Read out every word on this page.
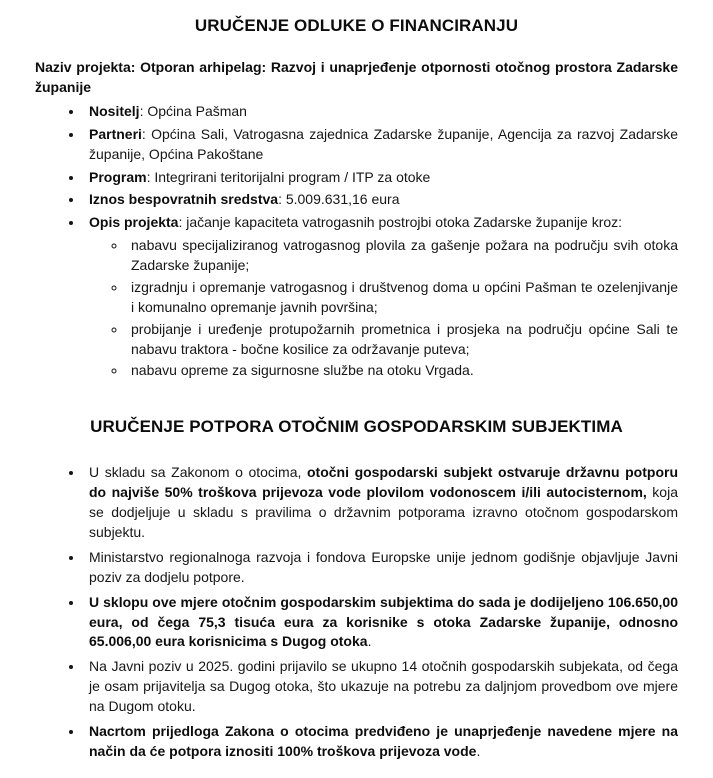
URUČENJE ODLUKE O FINANCIRANJU

Naziv projekta: Otporan arhipelag: Razvoj i unaprjeđenje otpornosti otočnog prostora Zadarske županije

• Nositelj: Općina Pašman
• Partneri: Općina Sali, Vatrogasna zajednica Zadarske županije, Agencija za razvoj Zadarske županije, Općina Pakoštane
• Program: Integrirani teritorijalni program / ITP za otoke
• Iznos bespovratnih sredstva: 5.009.631,16 eura
• Opis projekta: jačanje kapaciteta vatrogasnih postrojbi otoka Zadarske županije kroz:
◦ nabavu specijaliziranog vatrogasnog plovila za gašenje požara na području svih otoka Zadarske županije;
◦ izgradnju i opremanje vatrogasnog i društvenog doma u općini Pašman te ozelenjivanje i komunalno opremanje javnih površina;
◦ probijanje i uređenje protupožarnih prometnica i prosjeka na području općine Sali te nabavu traktora - bočne kosilice za održavanje puteva;
◦ nabavu opreme za sigurnosne službe na otoku Vrgada.
URUČENJE POTPORA OTOČNIM GOSPODARSKIM SUBJEKTIMA
• U skladu sa Zakonom o otocima, otočni gospodarski subjekt ostvaruje državnu potporu do najviše 50% troškova prijevoza vode plovilom vodonoscem i/ili autocisternom, koja se dodjeljuje u skladu s pravilima o državnim potporama izravno otočnom gospodarskom subjektu.
• Ministarstvo regionalnoga razvoja i fondova Europske unije jednom godišnje objavljuje Javni poziv za dodjelu potpore.
• U sklopu ove mjere otočnim gospodarskim subjektima do sada je dodijeljeno 106.650,00 eura, od čega 75,3 tisuća eura za korisnike s otoka Zadarske županije, odnosno 65.006,00 eura korisnicima s Dugog otoka.
• Na Javni poziv u 2025. godini prijavilo se ukupno 14 otočnih gospodarskih subjekata, od čega je osam prijavitelja sa Dugog otoka, što ukazuje na potrebu za daljnjom provedbom ove mjere na Dugom otoku.
• Nacrtom prijedloga Zakona o otocima predviđeno je unaprjeđenje navedene mjere na način da će potpora iznositi 100% troškova prijevoza vode.
